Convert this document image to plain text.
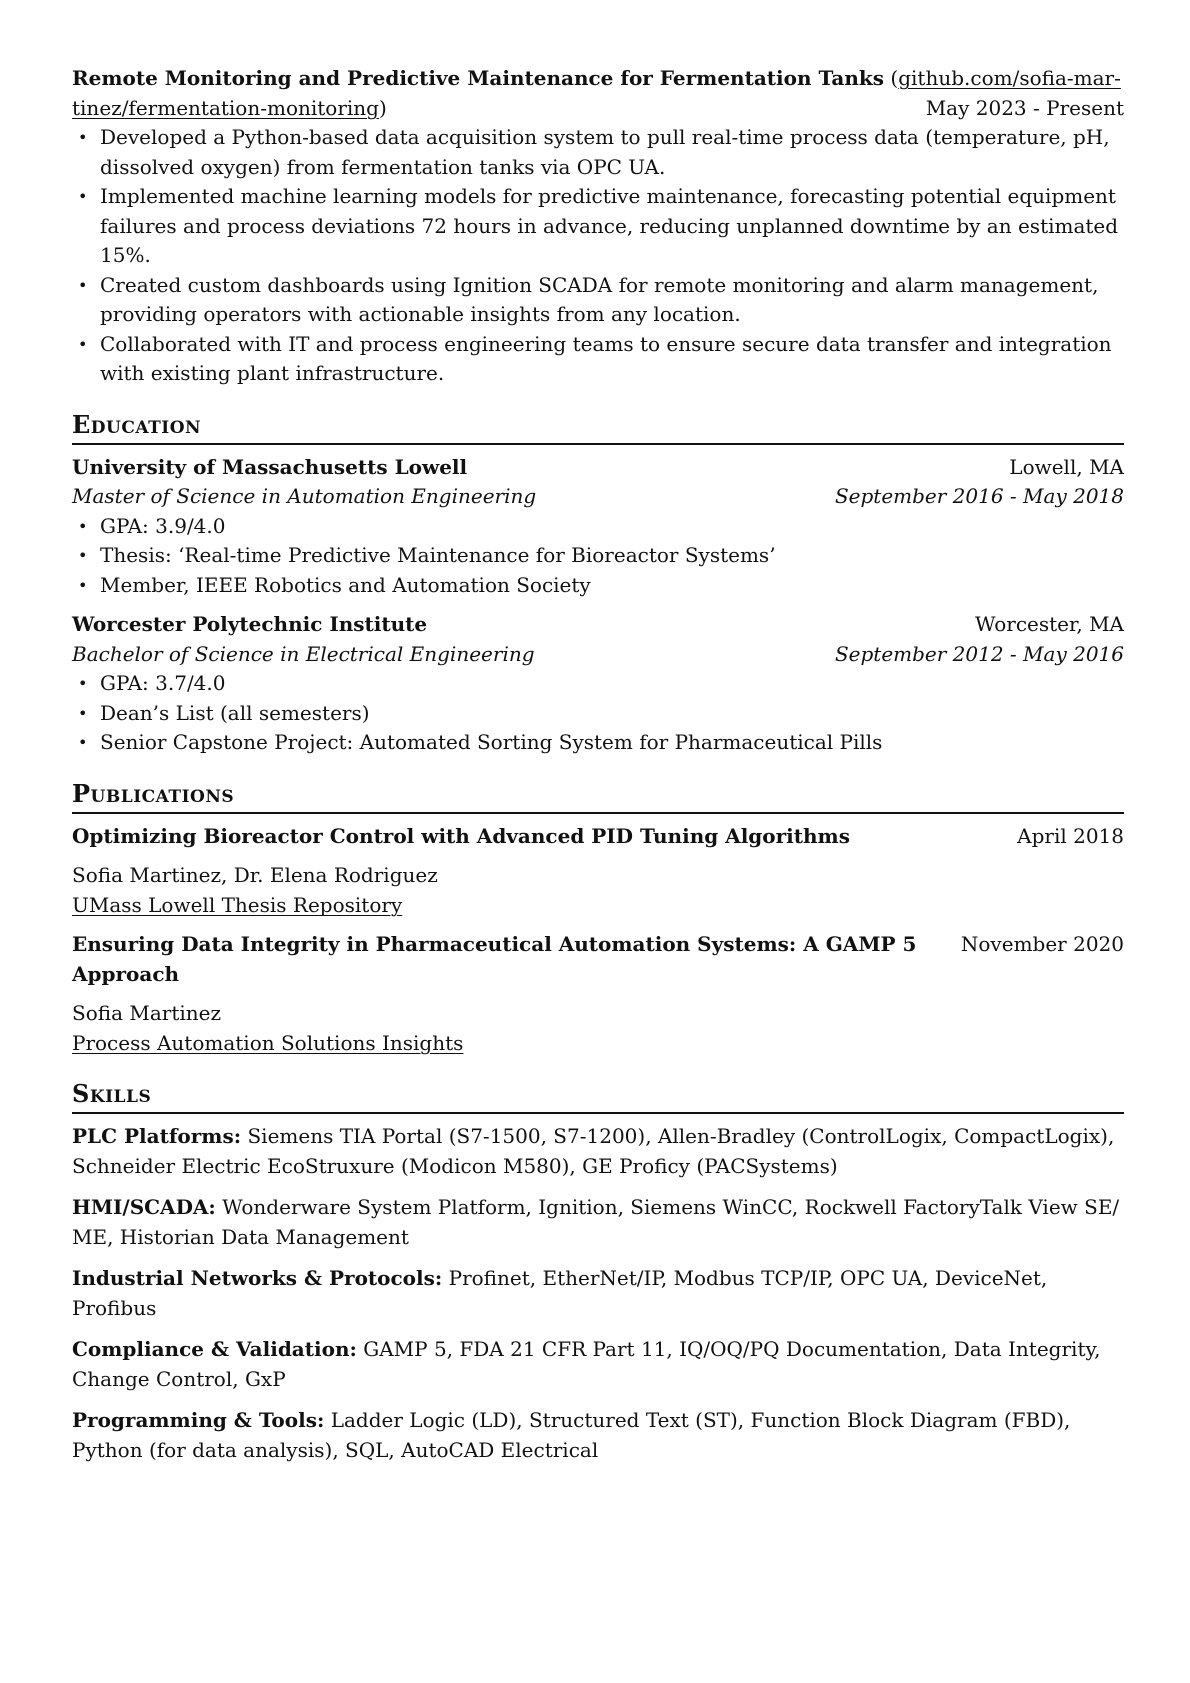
Remote Monitoring and Predictive Maintenance for Fermentation Tanks (github.com/sofia-mar-
tinez/fermentation-monitoring)	May 2023 - Present
• Developed a Python-based data acquisition system to pull real-time process data (temperature, pH, dissolved oxygen) from fermentation tanks via OPC UA.
• Implemented machine learning models for predictive maintenance, forecasting potential equipment failures and process deviations 72 hours in advance, reducing unplanned downtime by an estimated 15%.
• Created custom dashboards using Ignition SCADA for remote monitoring and alarm management, providing operators with actionable insights from any location.
• Collaborated with IT and process engineering teams to ensure secure data transfer and integration with existing plant infrastructure.
Education
University of Massachusetts Lowell	Lowell, MA
Master of Science in Automation Engineering	September 2016 - May 2018
• GPA: 3.9/4.0
• Thesis: ‘Real-time Predictive Maintenance for Bioreactor Systems’
• Member, IEEE Robotics and Automation Society
Worcester Polytechnic Institute	Worcester, MA
Bachelor of Science in Electrical Engineering	September 2012 - May 2016
• GPA: 3.7/4.0
• Dean’s List (all semesters)
• Senior Capstone Project: Automated Sorting System for Pharmaceutical Pills
Publications
Optimizing Bioreactor Control with Advanced PID Tuning Algorithms	April 2018
Sofia Martinez, Dr. Elena Rodriguez
UMass Lowell Thesis Repository
Ensuring Data Integrity in Pharmaceutical Automation Systems: A GAMP 5 Approach
November 2020
Sofia Martinez
Process Automation Solutions Insights
Skills
PLC Platforms: Siemens TIA Portal (S7-1500, S7-1200), Allen-Bradley (ControlLogix, CompactLogix), Schneider Electric EcoStruxure (Modicon M580), GE Proficy (PACSystems)
HMI/SCADA: Wonderware System Platform, Ignition, Siemens WinCC, Rockwell FactoryTalk View SE/ ME, Historian Data Management
Industrial Networks & Protocols: Profinet, EtherNet/IP, Modbus TCP/IP, OPC UA, DeviceNet, Profibus
Compliance & Validation: GAMP 5, FDA 21 CFR Part 11, IQ/OQ/PQ Documentation, Data Integrity, Change Control, GxP
Programming & Tools: Ladder Logic (LD), Structured Text (ST), Function Block Diagram (FBD), Python (for data analysis), SQL, AutoCAD Electrical
